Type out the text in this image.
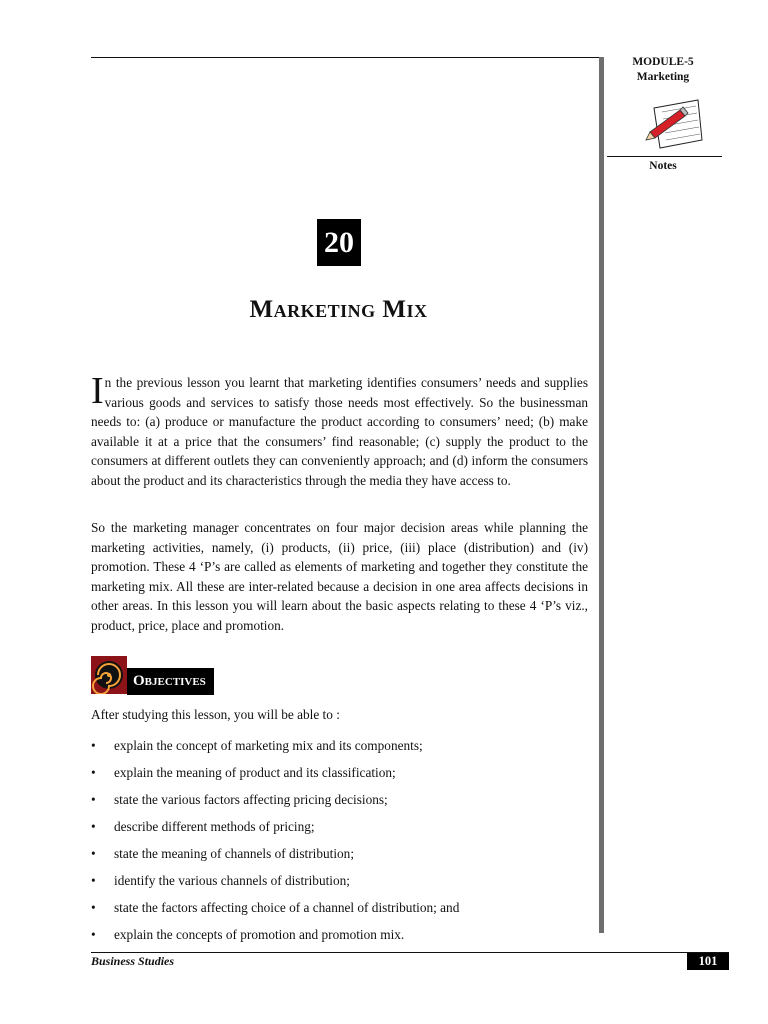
MODULE-5
Marketing
Notes
20
Marketing Mix

In the previous lesson you learnt that marketing identifies consumers’ needs and supplies various goods and services to satisfy those needs most effectively. So the businessman needs to: (a) produce or manufacture the product according to consumers’ need; (b) make available it at a price that the consumers’ find reasonable; (c) supply the product to the consumers at different outlets they can conveniently approach; and (d) inform the consumers about the product and its characteristics through the media they have access to.

So the marketing manager concentrates on four major decision areas while planning the marketing activities, namely, (i) products, (ii) price, (iii) place (distribution) and (iv) promotion. These 4 ‘P’s are called as elements of marketing and together they constitute the marketing mix. All these are inter-related because a decision in one area affects decisions in other areas. In this lesson you will learn about the basic aspects relating to these 4 ‘P’s viz., product, price, place and promotion.

Objectives
After studying this lesson, you will be able to :
• explain the concept of marketing mix and its components;
• explain the meaning of product and its classification;
• state the various factors affecting pricing decisions;
• describe different methods of pricing;
• state the meaning of channels of distribution;
• identify the various channels of distribution;
• state the factors affecting choice of a channel of distribution; and
• explain the concepts of promotion and promotion mix.
Business Studies	101
